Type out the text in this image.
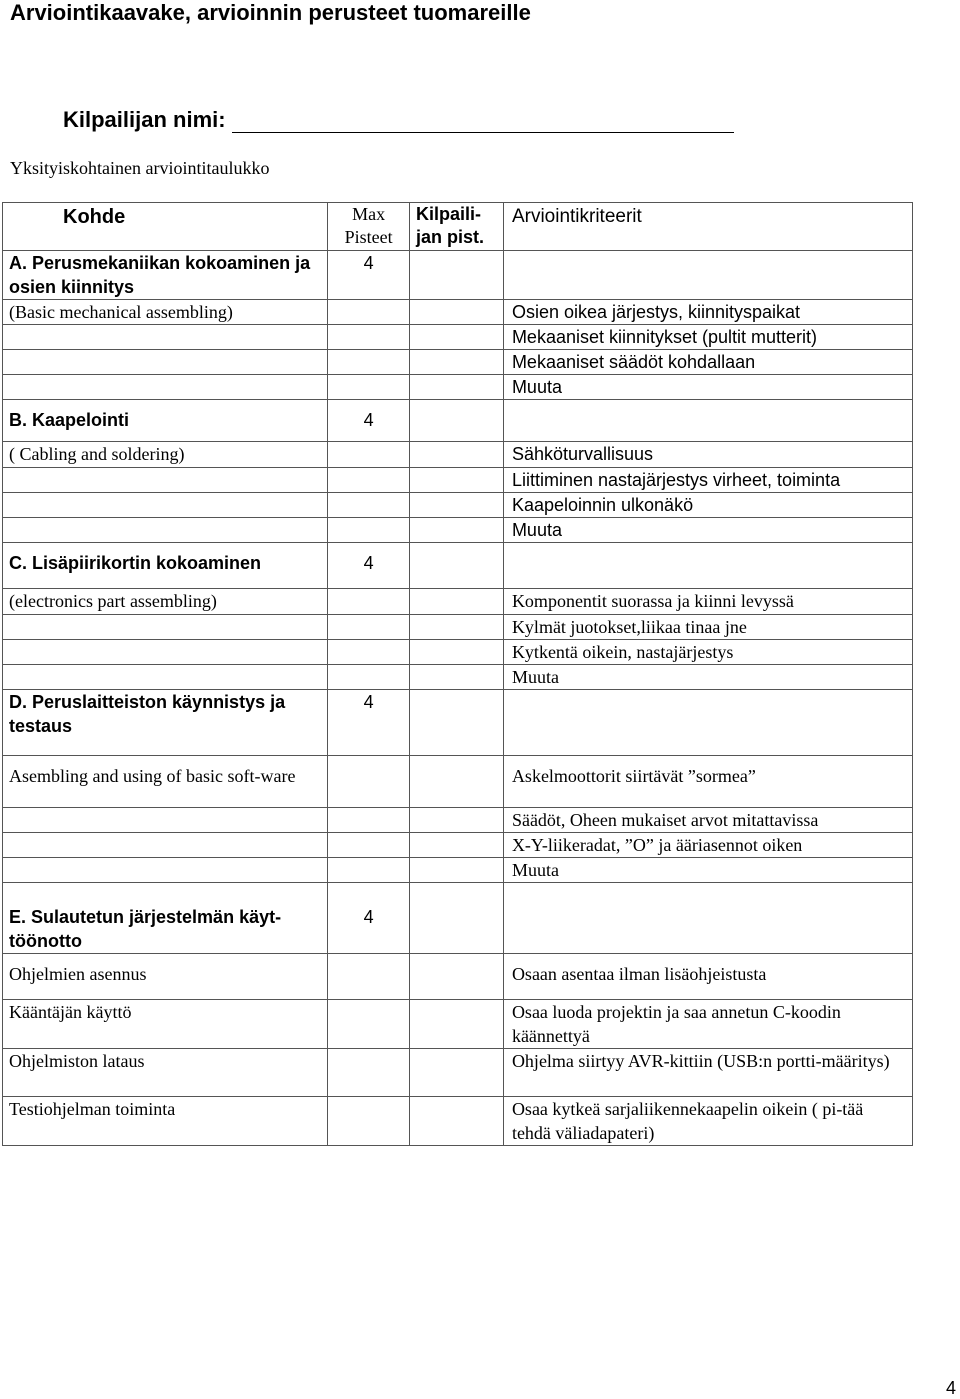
Arviointikaavake, arvioinnin perusteet tuomareille
Kilpailijan nimi:
Yksityiskohtainen arviointitaulukko
Kohde	Max Pisteet	Kilpaili-jan pist.	Arviointikriteerit
A. Perusmekaniikan kokoaminen ja osien kiinnitys	4		
(Basic mechanical assembling)			Osien oikea järjestys, kiinnityspaikat
			Mekaaniset kiinnitykset (pultit mutterit)
			Mekaaniset säädöt kohdallaan
			Muuta
B. Kaapelointi	4		
( Cabling and soldering)			Sähköturvallisuus
			Liittiminen nastajärjestys virheet, toiminta
			Kaapeloinnin ulkonäkö
			Muuta
C. Lisäpiirikortin kokoaminen	4		
(electronics part assembling)			Komponentit suorassa ja kiinni levyssä
			Kylmät juotokset,liikaa tinaa jne
			Kytkentä oikein, nastajärjestys
			Muuta
D. Peruslaitteiston käynnistys ja testaus	4		
Asembling and using of basic soft-ware			Askelmoottorit siirtävät ”sormea”
			Säädöt, Oheen mukaiset arvot mitattavissa
			X-Y-liikeradat, ”O” ja ääriasennot oiken
			Muuta
E. Sulautetun järjestelmän käyt-töönotto	4		
Ohjelmien asennus			Osaan asentaa ilman lisäohjeistusta
Kääntäjän käyttö			Osaa luoda projektin ja saa annetun C-koodin käännettyä
Ohjelmiston lataus			Ohjelma siirtyy AVR-kittiin (USB:n portti-määritys)
Testiohjelman toiminta			Osaa kytkeä sarjaliikennekaapelin oikein ( pi-tää tehdä väliadapateri)
4
